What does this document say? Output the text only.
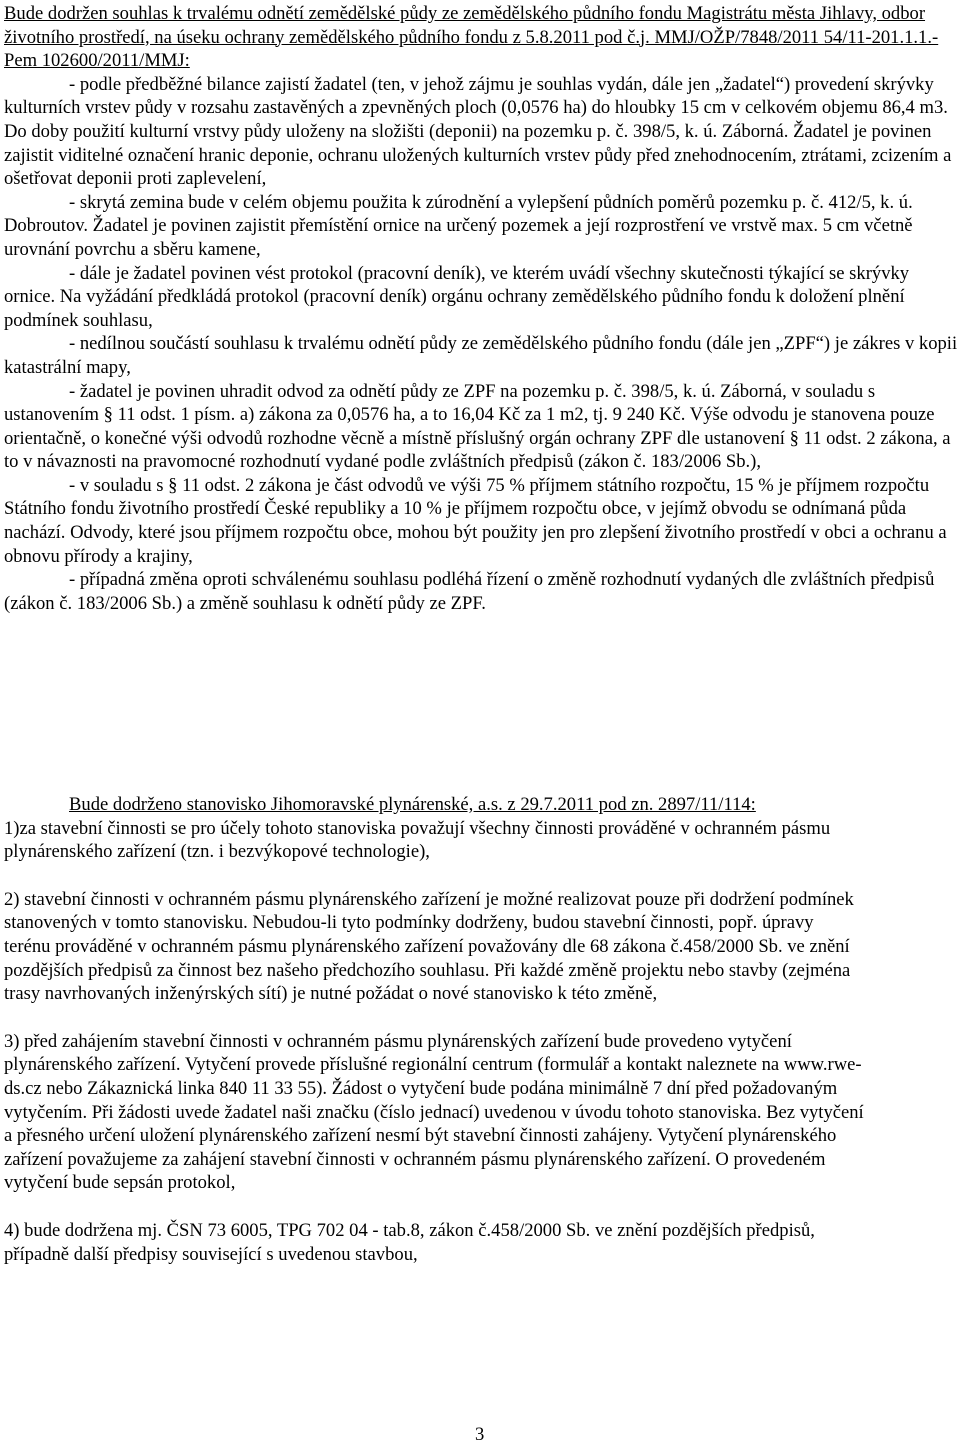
Bude dodržen souhlas k trvalému odnětí zemědělské půdy ze zemědělského půdního fondu Magistrátu města Jihlavy, odbor životního prostředí, na úseku ochrany zemědělského půdního fondu z 5.8.2011 pod č.j. MMJ/OŽP/7848/2011 54/11-201.1.1.-Pem 102600/2011/MMJ:

- podle předběžné bilance zajistí žadatel (ten, v jehož zájmu je souhlas vydán, dále jen „žadatel“) provedení skrývky kulturních vrstev půdy v rozsahu zastavěných a zpevněných ploch (0,0576 ha) do hloubky 15 cm v celkovém objemu 86,4 m3. Do doby použití kulturní vrstvy půdy uloženy na složišti (deponii) na pozemku p. č. 398/5, k. ú. Záborná. Žadatel je povinen zajistit viditelné označení hranic deponie, ochranu uložených kulturních vrstev půdy před znehodnocením, ztrátami, zcizením a ošetřovat deponii proti zaplevelení,

- skrytá zemina bude v celém objemu použita k zúrodnění a vylepšení půdních poměrů pozemku p. č. 412/5, k. ú. Dobroutov. Žadatel je povinen zajistit přemístění ornice na určený pozemek a její rozprostření ve vrstvě max. 5 cm včetně urovnání povrchu a sběru kamene,

- dále je žadatel povinen vést protokol (pracovní deník), ve kterém uvádí všechny skutečnosti týkající se skrývky ornice. Na vyžádání předkládá protokol (pracovní deník) orgánu ochrany zemědělského půdního fondu k doložení plnění podmínek souhlasu,

- nedílnou součástí souhlasu k trvalému odnětí půdy ze zemědělského půdního fondu (dále jen „ZPF“) je zákres v kopii katastrální mapy,

- žadatel je povinen uhradit odvod za odnětí půdy ze ZPF na pozemku p. č. 398/5, k. ú. Záborná, v souladu s ustanovením § 11 odst. 1 písm. a) zákona za 0,0576 ha, a to 16,04 Kč za 1 m2, tj. 9 240 Kč. Výše odvodu je stanovena pouze orientačně, o konečné výši odvodů rozhodne věcně a místně příslušný orgán ochrany ZPF dle ustanovení § 11 odst. 2 zákona, a to v návaznosti na pravomocné rozhodnutí vydané podle zvláštních předpisů (zákon č. 183/2006 Sb.),

- v souladu s § 11 odst. 2 zákona je část odvodů ve výši 75 % příjmem státního rozpočtu, 15 % je příjmem rozpočtu Státního fondu životního prostředí České republiky a 10 % je příjmem rozpočtu obce, v jejímž obvodu se odnímaná půda nachází. Odvody, které jsou příjmem rozpočtu obce, mohou být použity jen pro zlepšení životního prostředí v obci a ochranu a obnovu přírody a krajiny,

- případná změna oproti schválenému souhlasu podléhá řízení o změně rozhodnutí vydaných dle zvláštních předpisů (zákon č. 183/2006 Sb.) a změně souhlasu k odnětí půdy ze ZPF.

Bude dodrženo stanovisko Jihomoravské plynárenské, a.s. z 29.7.2011 pod zn. 2897/11/114:

1)za stavební činnosti se pro účely tohoto stanoviska považují všechny činnosti prováděné v ochranném pásmu plynárenského zařízení (tzn. i bezvýkopové technologie),

2) stavební činnosti v ochranném pásmu plynárenského zařízení je možné realizovat pouze při dodržení podmínek stanovených v tomto stanovisku. Nebudou-li tyto podmínky dodrženy, budou stavební činnosti, popř. úpravy terénu prováděné v ochranném pásmu plynárenského zařízení považovány dle 68 zákona č.458/2000 Sb. ve znění pozdějších předpisů za činnost bez našeho předchozího souhlasu. Při každé změně projektu nebo stavby (zejména trasy navrhovaných inženýrských sítí) je nutné požádat o nové stanovisko k této změně,

3) před zahájením stavební činnosti v ochranném pásmu plynárenských zařízení bude provedeno vytyčení plynárenského zařízení. Vytyčení provede příslušné regionální centrum (formulář a kontakt naleznete na www.rwe-ds.cz nebo Zákaznická linka 840 11 33 55). Žádost o vytyčení bude podána minimálně 7 dní před požadovaným vytyčením. Při žádosti uvede žadatel naši značku (číslo jednací) uvedenou v úvodu tohoto stanoviska. Bez vytyčení a přesného určení uložení plynárenského zařízení nesmí být stavební činnosti zahájeny. Vytyčení plynárenského zařízení považujeme za zahájení stavební činnosti v ochranném pásmu plynárenského zařízení. O provedeném vytyčení bude sepsán protokol,

4) bude dodržena mj. ČSN 73 6005, TPG 702 04 - tab.8, zákon č.458/2000 Sb. ve znění pozdějších předpisů, případně další předpisy související s uvedenou stavbou,

3
